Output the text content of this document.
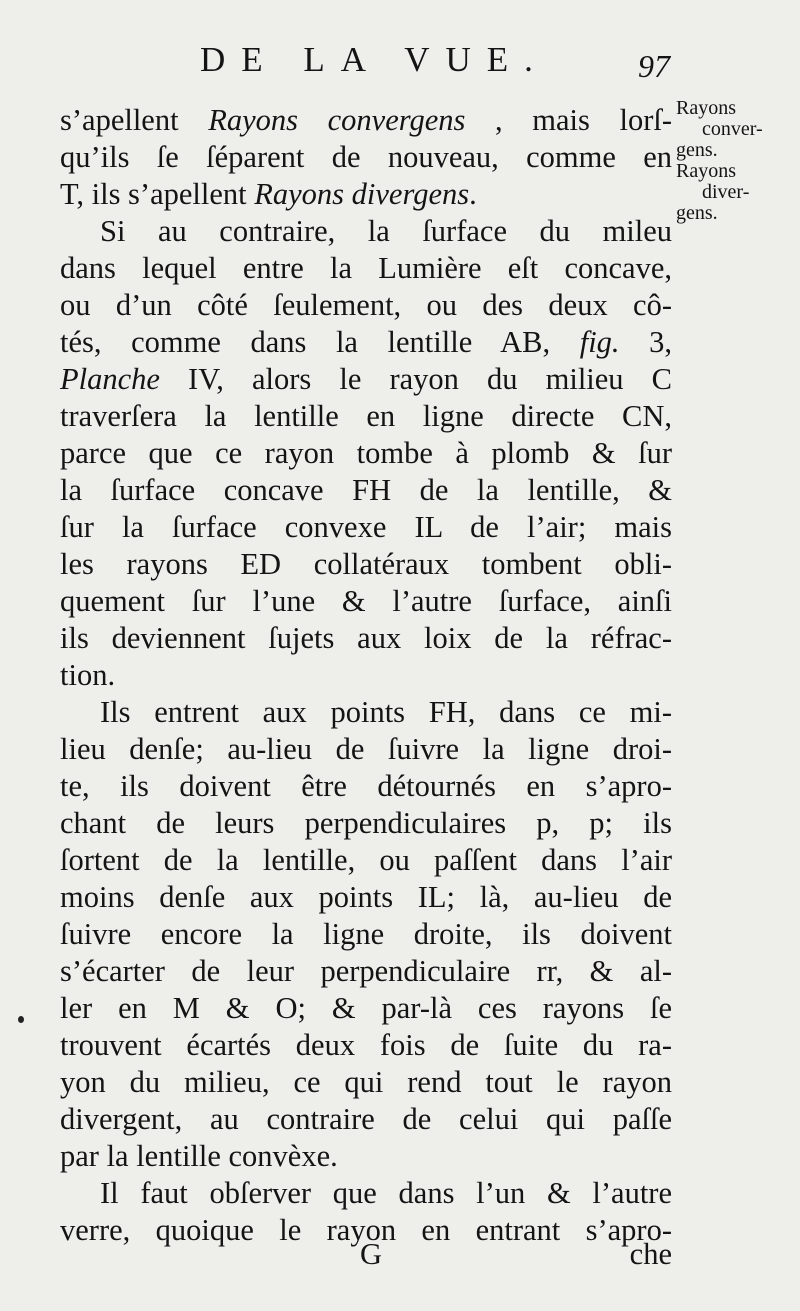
DE LA VUE.	97
s’apellent Rayons convergens , mais lorſ-
qu’ils ſe ſéparent de nouveau, comme en
T, ils s’apellent Rayons divergens.
Si au contraire, la ſurface du mileu
dans lequel entre la Lumière eſt concave,
ou d’un côté ſeulement, ou des deux cô-
tés, comme dans la lentille AB, fig. 3,
Planche IV, alors le rayon du milieu C
traverſera la lentille en ligne directe CN,
parce que ce rayon tombe à plomb & ſur
la ſurface concave FH de la lentille, &
ſur la ſurface convexe IL de l’air; mais
les rayons ED collatéraux tombent obli-
quement ſur l’une & l’autre ſurface, ainſi
ils deviennent ſujets aux loix de la réfrac-
tion.
Ils entrent aux points FH, dans ce mi-
lieu denſe; au-lieu de ſuivre la ligne droi-
te, ils doivent être détournés en s’apro-
chant de leurs perpendiculaires p, p; ils
ſortent de la lentille, ou paſſent dans l’air
moins denſe aux points IL; là, au-lieu de
ſuivre encore la ligne droite, ils doivent
s’écarter de leur perpendiculaire rr, & al-
ler en M & O; & par-là ces rayons ſe
trouvent écartés deux fois de ſuite du ra-
yon du milieu, ce qui rend tout le rayon
divergent, au contraire de celui qui paſſe
par la lentille convèxe.
Il faut obſerver que dans l’un & l’autre
verre, quoique le rayon en entrant s’apro-
Rayons
conver-
gens.
Rayons
diver-
gens.
G	che
